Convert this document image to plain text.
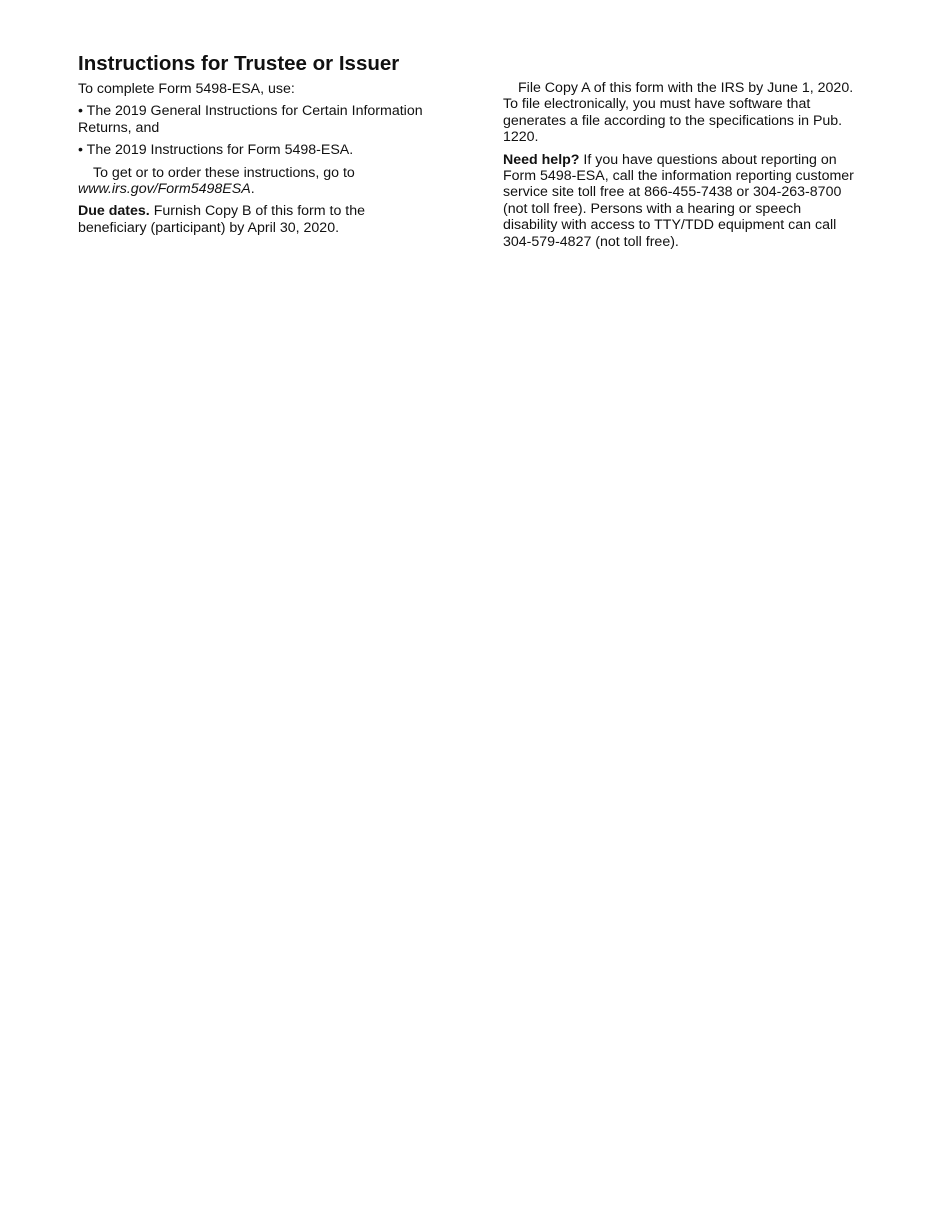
Instructions for Trustee or Issuer
To complete Form 5498-ESA, use:
• The 2019 General Instructions for Certain Information
Returns, and
• The 2019 Instructions for Form 5498-ESA.
To get or to order these instructions, go to
www.irs.gov/Form5498ESA.
Due dates. Furnish Copy B of this form to the
beneficiary (participant) by April 30, 2020.
File Copy A of this form with the IRS by June 1, 2020.
To file electronically, you must have software that
generates a file according to the specifications in Pub.
1220.
Need help? If you have questions about reporting on
Form 5498-ESA, call the information reporting customer
service site toll free at 866-455-7438 or 304-263-8700
(not toll free). Persons with a hearing or speech
disability with access to TTY/TDD equipment can call
304-579-4827 (not toll free).
